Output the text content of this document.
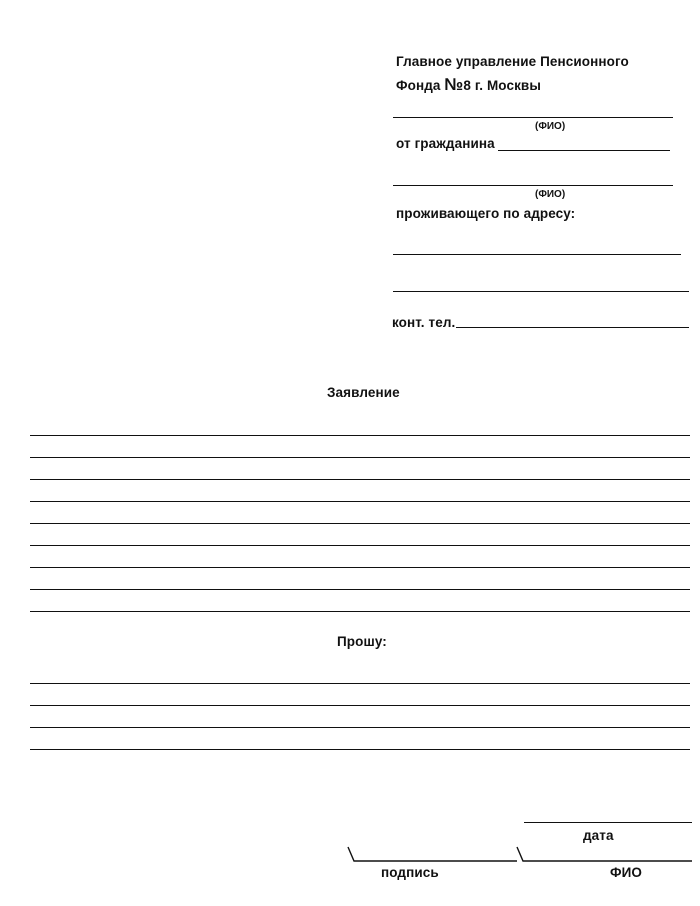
Главное управление Пенсионного
Фонда №8 г. Москвы
(ФИО)
от гражданина
(ФИО)
проживающего по адресу:
конт. тел.
Заявление
Прошу:
дата
подпись	ФИО
